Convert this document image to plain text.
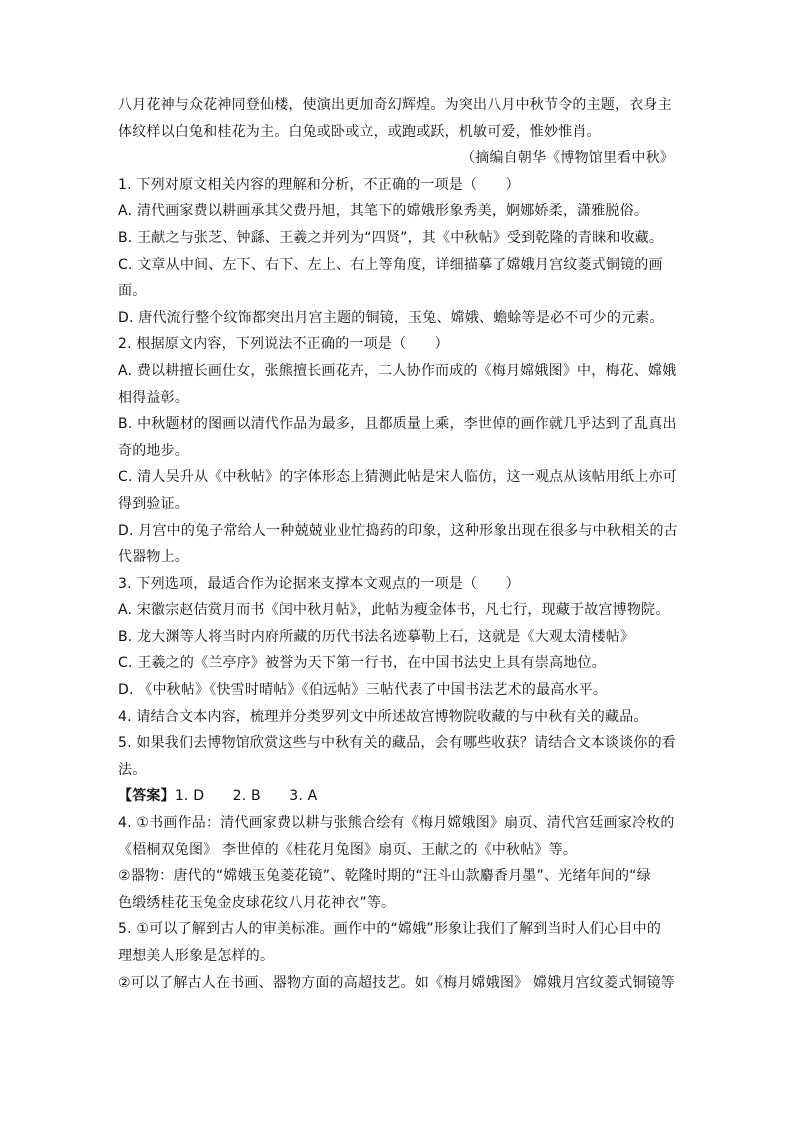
八月花神与众花神同登仙楼，使演出更加奇幻辉煌。为突出八月中秋节令的主题，衣身主
体纹样以白兔和桂花为主。白兔或卧或立，或跑或跃，机敏可爱，惟妙惟肖。
（摘编自朝华《博物馆里看中秋》
1. 下列对原文相关内容的理解和分析，不正确的一项是（　　）
A. 清代画家费以耕画承其父费丹旭，其笔下的嫦娥形象秀美，婀娜娇柔，潇雅脱俗。
B. 王献之与张芝、钟繇、王羲之并列为“四贤”，其《中秋帖》受到乾隆的青睐和收藏。
C. 文章从中间、左下、右下、左上、右上等角度，详细描摹了嫦娥月宫纹菱式铜镜的画
面。
D. 唐代流行整个纹饰都突出月宫主题的铜镜，玉兔、嫦娥、蟾蜍等是必不可少的元素。
2. 根据原文内容，下列说法不正确的一项是（　　）
A. 费以耕擅长画仕女，张熊擅长画花卉，二人协作而成的《梅月嫦娥图》中，梅花、嫦娥
相得益彰。
B. 中秋题材的图画以清代作品为最多，且都质量上乘，李世倬的画作就几乎达到了乱真出
奇的地步。
C. 清人吴升从《中秋帖》的字体形态上猜测此帖是宋人临仿，这一观点从该帖用纸上亦可
得到验证。
D. 月宫中的兔子常给人一种兢兢业业忙捣药的印象，这种形象出现在很多与中秋相关的古
代器物上。
3. 下列选项，最适合作为论据来支撑本文观点的一项是（　　）
A. 宋徽宗赵佶赏月而书《闰中秋月帖》，此帖为瘦金体书，凡七行，现藏于故宫博物院。
B. 龙大渊等人将当时内府所藏的历代书法名迹摹勒上石，这就是《大观太清楼帖》
C. 王羲之的《兰亭序》被誉为天下第一行书，在中国书法史上具有崇高地位。
D. 《中秋帖》《快雪时晴帖》《伯远帖》三帖代表了中国书法艺术的最高水平。
4. 请结合文本内容，梳理并分类罗列文中所述故宫博物院收藏的与中秋有关的藏品。
5. 如果我们去博物馆欣赏这些与中秋有关的藏品，会有哪些收获？请结合文本谈谈你的看
法。
【答案】1. D　　2. B　　3. A
4. ①书画作品：清代画家费以耕与张熊合绘有《梅月嫦娥图》扇页、清代宫廷画家冷枚的
《梧桐双兔图》 李世倬的《桂花月兔图》扇页、王献之的《中秋帖》等。
②器物：唐代的“嫦娥玉兔菱花镜”、乾隆时期的“汪斗山款麝香月墨”、光绪年间的“绿
色缎绣桂花玉兔金皮球花纹八月花神衣”等。
5. ①可以了解到古人的审美标准。画作中的“嫦娥”形象让我们了解到当时人们心目中的
理想美人形象是怎样的。
②可以了解古人在书画、器物方面的高超技艺。如《梅月嫦娥图》 嫦娥月宫纹菱式铜镜等
